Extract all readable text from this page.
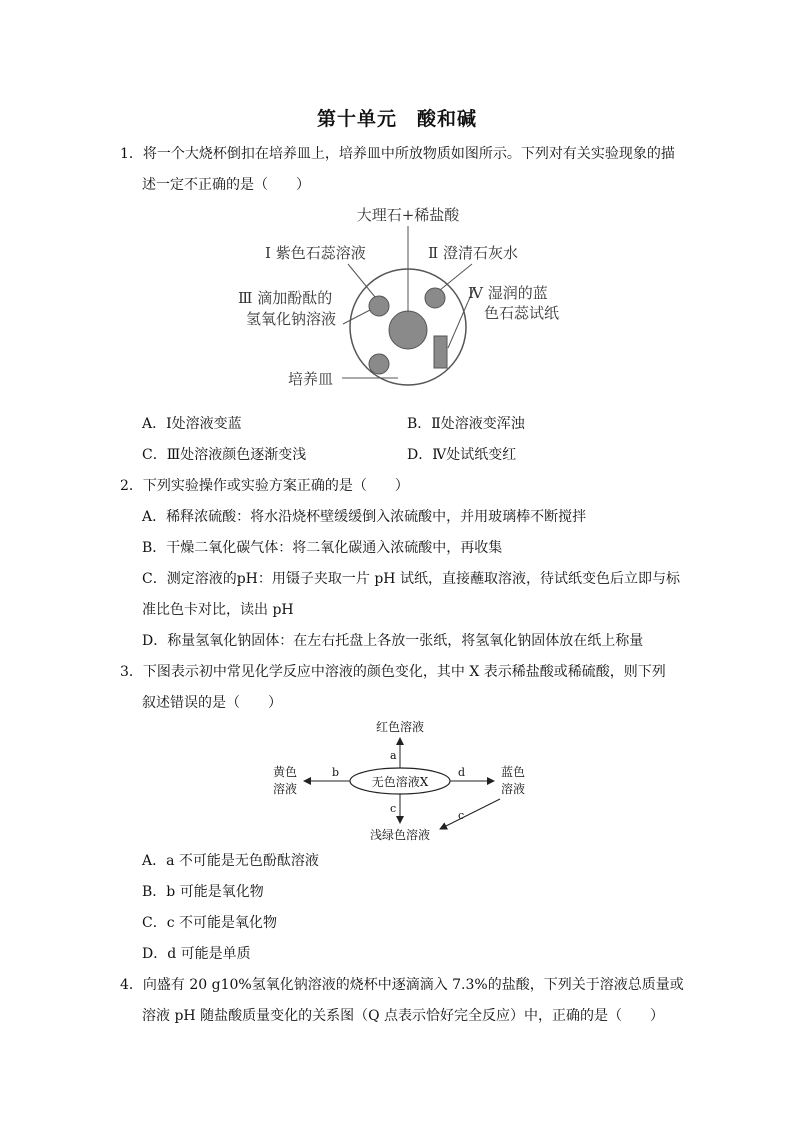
第十单元　酸和碱
1．将一个大烧杯倒扣在培养皿上，培养皿中所放物质如图所示。下列对有关实验现象的描
述一定不正确的是（　　）
大理石+稀盐酸
Ⅰ 紫色石蕊溶液	Ⅱ 澄清石灰水
Ⅲ 滴加酚酞的
氢氧化钠溶液
Ⅳ 湿润的蓝
色石蕊试纸
培养皿
A．Ⅰ处溶液变蓝	B．Ⅱ处溶液变浑浊
C．Ⅲ处溶液颜色逐渐变浅	D．Ⅳ处试纸变红
2．下列实验操作或实验方案正确的是（　　）
A．稀释浓硫酸：将水沿烧杯壁缓缓倒入浓硫酸中，并用玻璃棒不断搅拌
B．干燥二氧化碳气体：将二氧化碳通入浓硫酸中，再收集
C．测定溶液的pH：用镊子夹取一片 pH 试纸，直接蘸取溶液，待试纸变色后立即与标
准比色卡对比，读出 pH
D．称量氢氧化钠固体：在左右托盘上各放一张纸，将氢氧化钠固体放在纸上称量
3．下图表示初中常见化学反应中溶液的颜色变化，其中 X 表示稀盐酸或稀硫酸，则下列
叙述错误的是（　　）
无色溶液X
红色溶液
a
黄色
溶液
b	蓝色
溶液
d
浅绿色溶液
c
c
A．a 不可能是无色酚酞溶液
B．b 可能是氧化物
C．c 不可能是氧化物
D．d 可能是单质
4．向盛有 20 g10%氢氧化钠溶液的烧杯中逐滴滴入 7.3%的盐酸，下列关于溶液总质量或
溶液 pH 随盐酸质量变化的关系图（Q 点表示恰好完全反应）中，正确的是（　　）
